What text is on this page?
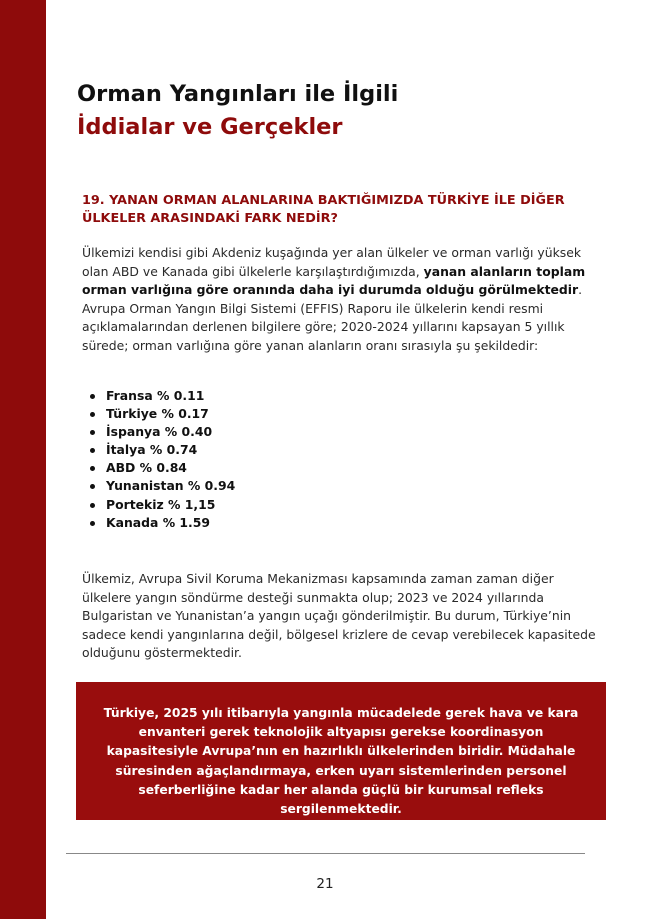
Orman Yangınları ile İlgili
İddialar ve Gerçekler
19. YANAN ORMAN ALANLARINA BAKTIĞIMIZDA TÜRKİYE İLE DİĞER ÜLKELER ARASINDAKİ FARK NEDİR?

Ülkemizi kendisi gibi Akdeniz kuşağında yer alan ülkeler ve orman varlığı yüksek olan ABD ve Kanada gibi ülkelerle karşılaştırdığımızda, yanan alanların toplam orman varlığına göre oranında daha iyi durumda olduğu görülmektedir. Avrupa Orman Yangın Bilgi Sistemi (EFFIS) Raporu ile ülkelerin kendi resmi açıklamalarından derlenen bilgilere göre; 2020-2024 yıllarını kapsayan 5 yıllık sürede; orman varlığına göre yanan alanların oranı sırasıyla şu şekildedir:

Fransa % 0.11
Türkiye % 0.17
İspanya % 0.40
İtalya % 0.74
ABD % 0.84
Yunanistan % 0.94
Portekiz % 1,15
Kanada % 1.59

Ülkemiz, Avrupa Sivil Koruma Mekanizması kapsamında zaman zaman diğer ülkelere yangın söndürme desteği sunmakta olup; 2023 ve 2024 yıllarında Bulgaristan ve Yunanistan’a yangın uçağı gönderilmiştir. Bu durum, Türkiye’nin sadece kendi yangınlarına değil, bölgesel krizlere de cevap verebilecek kapasitede olduğunu göstermektedir.

Türkiye, 2025 yılı itibarıyla yangınla mücadelede gerek hava ve kara envanteri gerek teknolojik altyapısı gerekse koordinasyon kapasitesiyle Avrupa’nın en hazırlıklı ülkelerinden biridir. Müdahale süresinden ağaçlandırmaya, erken uyarı sistemlerinden personel seferberliğine kadar her alanda güçlü bir kurumsal refleks sergilenmektedir.
21
